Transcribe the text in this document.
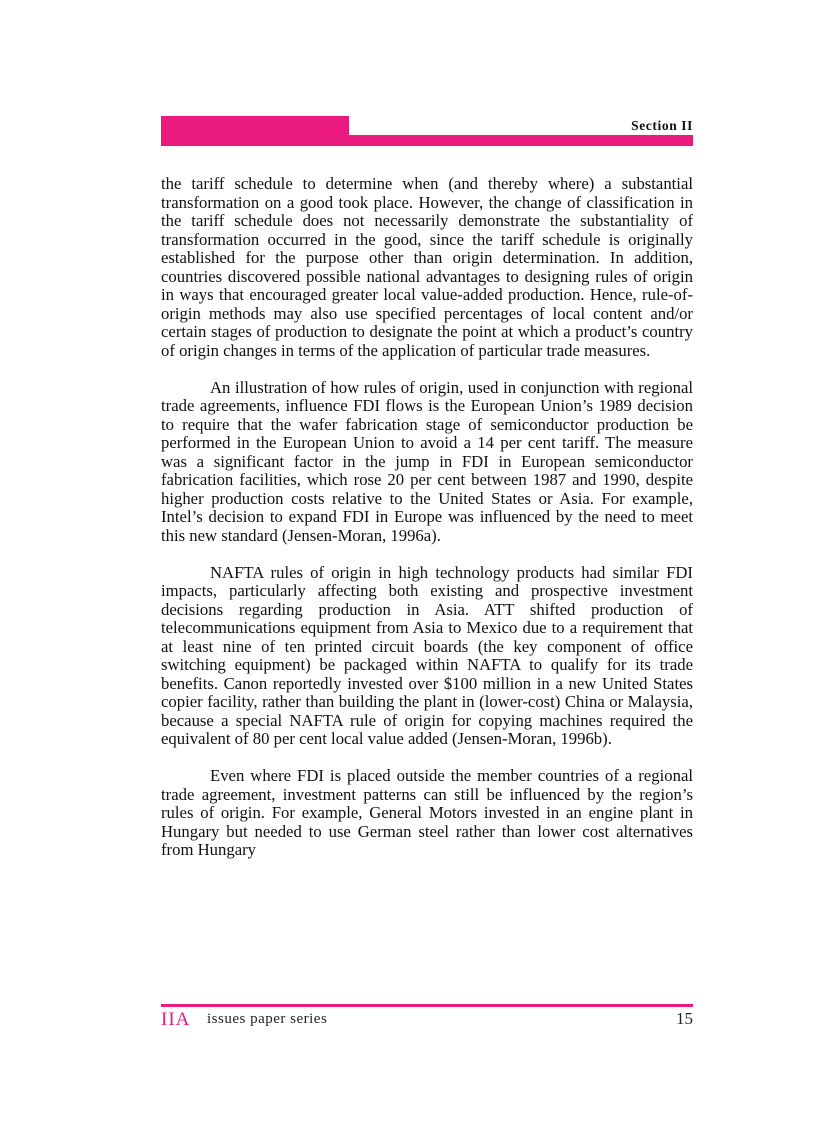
Section II

the tariff schedule to determine when (and thereby where) a substantial transformation on a good took place. However, the change of classification in the tariff schedule does not necessarily demonstrate the substantiality of transformation occurred in the good, since the tariff schedule is originally established for the purpose other than origin determination. In addition, countries discovered possible national advantages to designing rules of origin in ways that encouraged greater local value-added production. Hence, rule-of-origin methods may also use specified percentages of local content and/or certain stages of production to designate the point at which a product’s country of origin changes in terms of the application of particular trade measures.

An illustration of how rules of origin, used in conjunction with regional trade agreements, influence FDI flows is the European Union’s 1989 decision to require that the wafer fabrication stage of semiconductor production be performed in the European Union to avoid a 14 per cent tariff. The measure was a significant factor in the jump in FDI in European semiconductor fabrication facilities, which rose 20 per cent between 1987 and 1990, despite higher production costs relative to the United States or Asia. For example, Intel’s decision to expand FDI in Europe was influenced by the need to meet this new standard (Jensen-Moran, 1996a).

NAFTA rules of origin in high technology products had similar FDI impacts, particularly affecting both existing and prospective investment decisions regarding production in Asia. ATT shifted production of telecommunications equipment from Asia to Mexico due to a requirement that at least nine of ten printed circuit boards (the key component of office switching equipment) be packaged within NAFTA to qualify for its trade benefits. Canon reportedly invested over $100 million in a new United States copier facility, rather than building the plant in (lower-cost) China or Malaysia, because a special NAFTA rule of origin for copying machines required the equivalent of 80 per cent local value added (Jensen-Moran, 1996b).

Even where FDI is placed outside the member countries of a regional trade agreement, investment patterns can still be influenced by the region’s rules of origin. For example, General Motors invested in an engine plant in Hungary but needed to use German steel rather than lower cost alternatives from Hungary

IIA issues paper series	15
